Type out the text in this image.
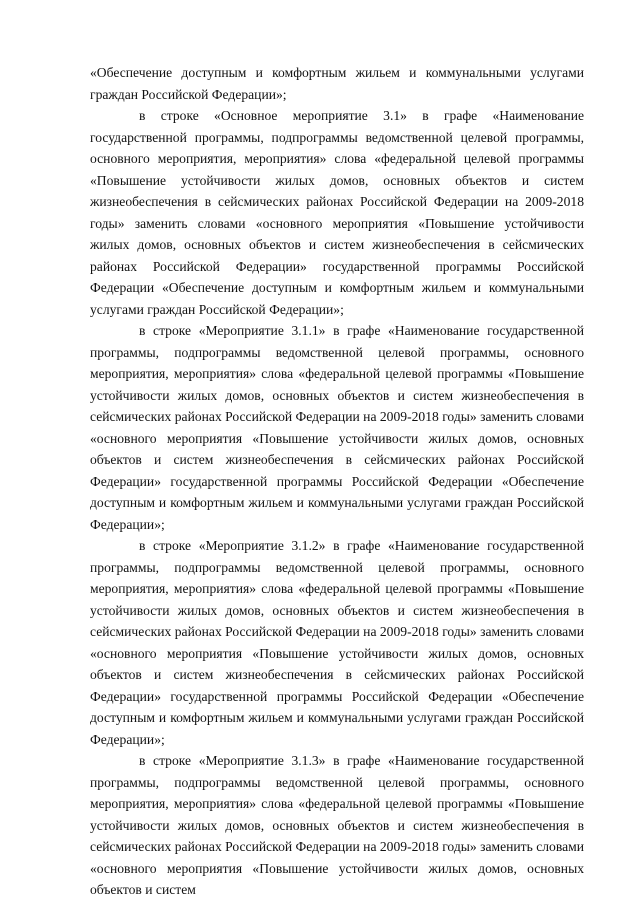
«Обеспечение доступным и комфортным жильем и коммунальными услугами граждан Российской Федерации»;

в строке «Основное мероприятие 3.1» в графе «Наименование государственной программы, подпрограммы ведомственной целевой программы, основного мероприятия, мероприятия» слова «федеральной целевой программы «Повышение устойчивости жилых домов, основных объектов и систем жизнеобеспечения в сейсмических районах Российской Федерации на 2009-2018 годы» заменить словами «основного мероприятия «Повышение устойчивости жилых домов, основных объектов и систем жизнеобеспечения в сейсмических районах Российской Федерации» государственной программы Российской Федерации «Обеспечение доступным и комфортным жильем и коммунальными услугами граждан Российской Федерации»;

в строке «Мероприятие 3.1.1» в графе «Наименование государственной программы, подпрограммы ведомственной целевой программы, основного мероприятия, мероприятия» слова «федеральной целевой программы «Повышение устойчивости жилых домов, основных объектов и систем жизнеобеспечения в сейсмических районах Российской Федерации на 2009-2018 годы» заменить словами «основного мероприятия «Повышение устойчивости жилых домов, основных объектов и систем жизнеобеспечения в сейсмических районах Российской Федерации» государственной программы Российской Федерации «Обеспечение доступным и комфортным жильем и коммунальными услугами граждан Российской Федерации»;

в строке «Мероприятие 3.1.2» в графе «Наименование государственной программы, подпрограммы ведомственной целевой программы, основного мероприятия, мероприятия» слова «федеральной целевой программы «Повышение устойчивости жилых домов, основных объектов и систем жизнеобеспечения в сейсмических районах Российской Федерации на 2009-2018 годы» заменить словами «основного мероприятия «Повышение устойчивости жилых домов, основных объектов и систем жизнеобеспечения в сейсмических районах Российской Федерации» государственной программы Российской Федерации «Обеспечение доступным и комфортным жильем и коммунальными услугами граждан Российской Федерации»;

в строке «Мероприятие 3.1.3» в графе «Наименование государственной программы, подпрограммы ведомственной целевой программы, основного мероприятия, мероприятия» слова «федеральной целевой программы «Повышение устойчивости жилых домов, основных объектов и систем жизнеобеспечения в сейсмических районах Российской Федерации на 2009-2018 годы» заменить словами «основного мероприятия «Повышение устойчивости жилых домов, основных объектов и систем
